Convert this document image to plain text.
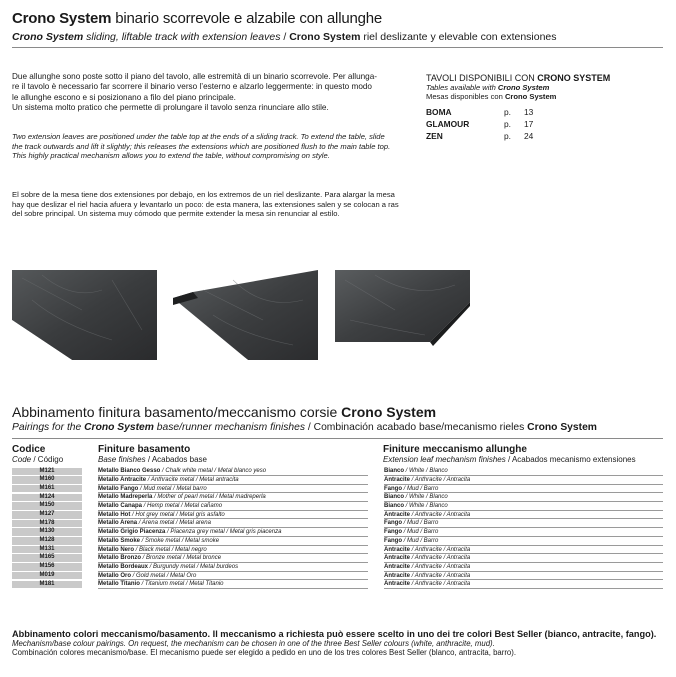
Crono System binario scorrevole e alzabile con allunghe
Crono System sliding, liftable track with extension leaves / Crono System riel deslizante y elevable con extensiones
Due allunghe sono poste sotto il piano del tavolo, alle estremità di un binario scorrevole. Per allunga-
re il tavolo è necessario far scorrere il binario verso l’esterno e alzarlo leggermente: in questo modo
le allunghe escono e si posizionano a filo del piano principale.
Un sistema molto pratico che permette di prolungare il tavolo senza rinunciare allo stile.
Two extension leaves are positioned under the table top at the ends of a sliding track. To extend the table, slide
the track outwards and lift it slightly; this releases the extensions which are positioned flush to the main table top.
This highly practical mechanism allows you to extend the table, without compromising on style.
El sobre de la mesa tiene dos extensiones por debajo, en los extremos de un riel deslizante. Para alargar la mesa
hay que deslizar el riel hacia afuera y levantarlo un poco: de esta manera, las extensiones salen y se colocan a ras
del sobre principal. Un sistema muy cómodo que permite extender la mesa sin renunciar al estilo.
TAVOLI DISPONIBILI CON CRONO SYSTEM
Tables available with Crono System
Mesas disponibles con Crono System
BOMA	p.	13
GLAMOUR	p.	17
ZEN	p.	24
Abbinamento finitura basamento/meccanismo corsie Crono System
Pairings for the Crono System base/runner mechanism finishes / Combinación acabado base/mecanismo rieles Crono System
Codice
Code / Código
Finiture basamento
Base finishes / Acabados base
Finiture meccanismo allunghe
Extension leaf mechanism finishes / Acabados mecanismo extensiones
M121	Metallo Bianco Gesso / Chalk white metal / Metal blanco yeso	Bianco / White / Blanco
M160	Metallo Antracite / Anthracite metal / Metal antracita	Antracite / Anthracite / Antracita
M161	Metallo Fango / Mud metal / Metal barro	Fango / Mud / Barro
M124	Metallo Madreperla / Mother of pearl metal / Metal madreperla	Bianco / White / Blanco
M150	Metallo Canapa / Hemp metal / Metal cañamo	Bianco / White / Blanco
M127	Metallo Hot / Hot grey metal / Metal gris asfalto	Antracite / Anthracite / Antracita
M178	Metallo Arena / Arena metal / Metal arena	Fango / Mud / Barro
M130	Metallo Grigio Piacenza / Piacenza grey metal / Metal gris piacenza	Fango / Mud / Barro
M128	Metallo Smoke / Smoke metal / Metal smoke	Fango / Mud / Barro
M131	Metallo Nero / Black metal / Metal negro	Antracite / Anthracite / Antracita
M165	Metallo Bronzo / Bronze metal / Metal bronce	Antracite / Anthracite / Antracita
M156	Metallo Bordeaux / Burgundy metal / Metal burdeos	Antracite / Anthracite / Antracita
M019	Metallo Oro / Gold metal / Metal Oro	Antracite / Anthracite / Antracita
M181	Metallo Titanio / Titanium metal / Metal Titanio	Antracite / Anthracite / Antracita
Abbinamento colori meccanismo/basamento. Il meccanismo a richiesta può essere scelto in uno dei tre colori Best Seller (bianco, antracite, fango).
Mechanism/base colour pairings. On request, the mechanism can be chosen in one of the three Best Seller colours (white, anthracite, mud).
Combinación colores mecanismo/base. El mecanismo puede ser elegido a pedido en uno de los tres colores Best Seller (blanco, antracita, barro).
